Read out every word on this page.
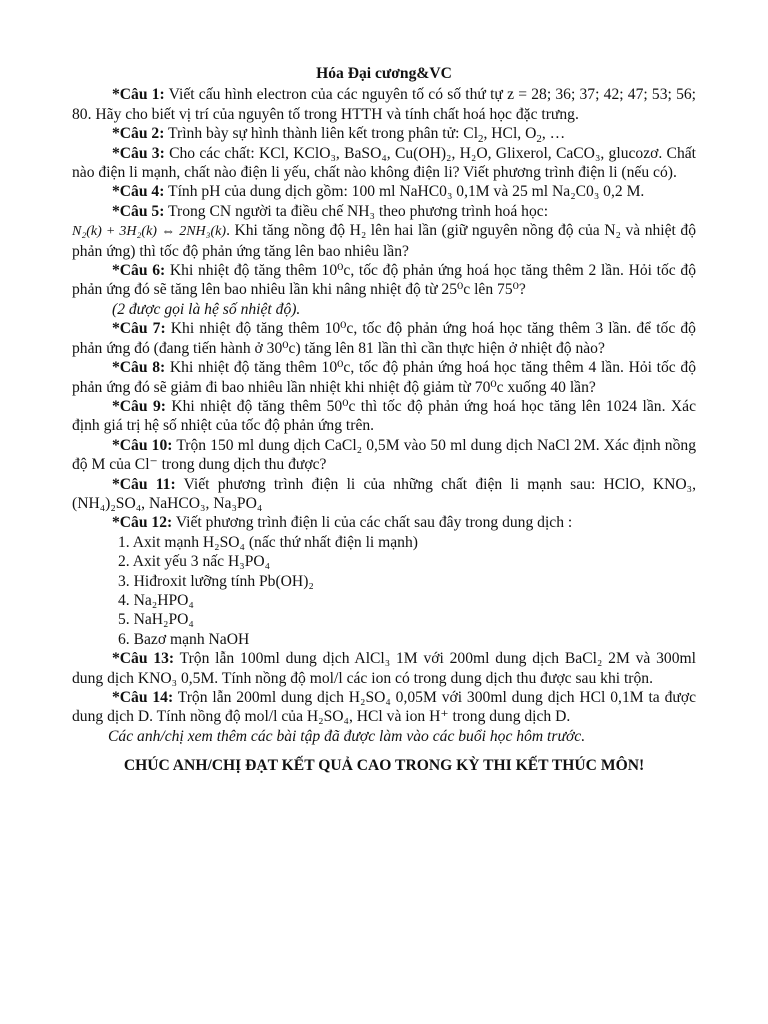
Hóa Đại cương&VC

*Câu 1: Viết cấu hình electron của các nguyên tố có số thứ tự z = 28; 36; 37; 42; 47; 53; 56; 80. Hãy cho biết vị trí của nguyên tố trong HTTH và tính chất hoá học đặc trưng.

*Câu 2: Trình bày sự hình thành liên kết trong phân tử: $Cl_2$, HCl, $O_2$, …

*Câu 3: Cho các chất: KCl, KClO₃, BaSO₄, Cu(OH)₂, H₂O, Glixerol, CaCO₃, glucozơ. Chất nào điện li mạnh, chất nào điện li yếu, chất nào không điện li? Viết phương trình điện li (nếu có).

*Câu 4: Tính pH của dung dịch gồm: 100 ml NaHC0₃ 0,1M và 25 ml Na₂C0₃ 0,2 M.

*Câu 5: Trong CN người ta điều chế NH₃ theo phương trình hoá học:
N₂(k) + 3H₂(k) ⇔ 2NH₃(k). Khi tăng nồng độ H₂ lên hai lần (giữ nguyên nồng độ của N₂ và nhiệt độ phản ứng) thì tốc độ phản ứng tăng lên bao nhiêu lần?

*Câu 6: Khi nhiệt độ tăng thêm 10⁰c, tốc độ phản ứng hoá học tăng thêm 2 lần. Hỏi tốc độ phản ứng đó sẽ tăng lên bao nhiêu lần khi nâng nhiệt độ từ 25⁰c lên 75⁰?

(2 được gọi là hệ số nhiệt độ).

*Câu 7: Khi nhiệt độ tăng thêm 10⁰c, tốc độ phản ứng hoá học tăng thêm 3 lần. để tốc độ phản ứng đó (đang tiến hành ở 30⁰c) tăng lên 81 lần thì cần thực hiện ở nhiệt độ nào?

*Câu 8: Khi nhiệt độ tăng thêm 10⁰c, tốc độ phản ứng hoá học tăng thêm 4 lần. Hỏi tốc độ phản ứng đó sẽ giảm đi bao nhiêu lần nhiệt khi nhiệt độ giảm từ 70⁰c xuống 40 lần?

*Câu 9: Khi nhiệt độ tăng thêm 50⁰c thì tốc độ phản ứng hoá học tăng lên 1024 lần. Xác định giá trị hệ số nhiệt của tốc độ phản ứng trên.

*Câu 10: Trộn 150 ml dung dịch CaCl₂ 0,5M vào 50 ml dung dịch NaCl 2M. Xác định nồng độ M của Cl⁻ trong dung dịch thu được?

*Câu 11: Viết phương trình điện li của những chất điện li mạnh sau: HClO, KNO₃, (NH₄)₂SO₄, NaHCO₃, Na₃PO₄

*Câu 12: Viết phương trình điện li của các chất sau đây trong dung dịch :

1. Axit mạnh H₂SO₄ (nấc thứ nhất điện li mạnh)
2. Axit yếu 3 nấc H₃PO₄
3. Hiđroxit lưỡng tính Pb(OH)₂
4. Na₂HPO₄
5. NaH₂PO₄
6. Bazơ mạnh NaOH

*Câu 13: Trộn lẫn 100ml dung dịch AlCl₃ 1M với 200ml dung dịch BaCl₂ 2M và 300ml dung dịch KNO₃ 0,5M. Tính nồng độ mol/l các ion có trong dung dịch thu được sau khi trộn.

*Câu 14: Trộn lẫn 200ml dung dịch H₂SO₄ 0,05M với 300ml dung dịch HCl 0,1M ta được dung dịch D. Tính nồng độ mol/l của H₂SO₄, HCl và ion H⁺ trong dung dịch D.

Các anh/chị xem thêm các bài tập đã được làm vào các buổi học hôm trước.

CHÚC ANH/CHỊ ĐẠT KẾT QUẢ CAO TRONG KỲ THI KẾT THÚC MÔN!
